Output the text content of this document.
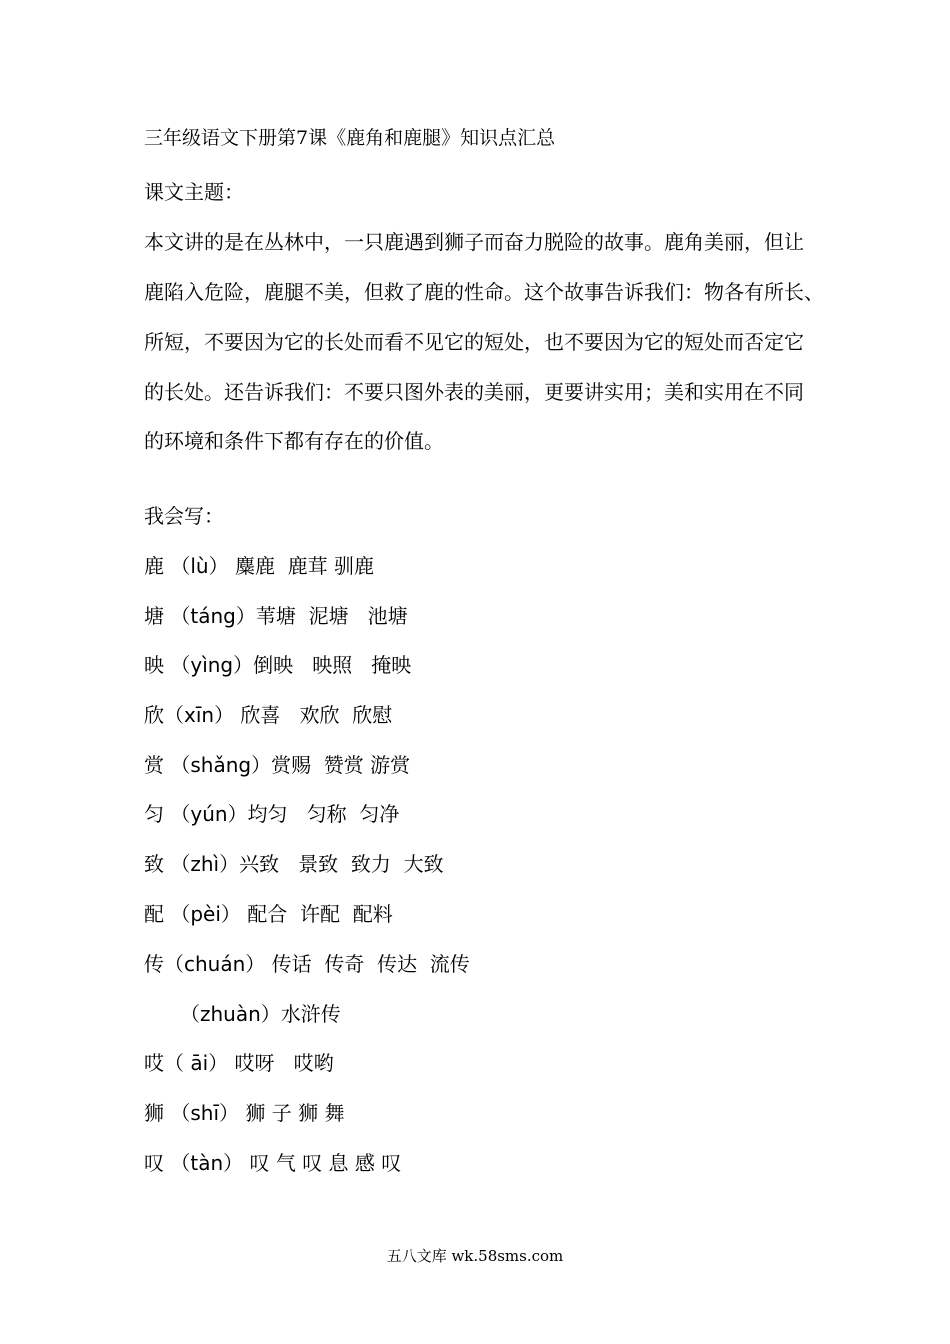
三年级语文下册第7课《鹿角和鹿腿》知识点汇总
课文主题：
本文讲的是在丛林中，一只鹿遇到狮子而奋力脱险的故事。鹿角美丽，但让
鹿陷入危险，鹿腿不美，但救了鹿的性命。这个故事告诉我们：物各有所长、
所短，不要因为它的长处而看不见它的短处，也不要因为它的短处而否定它
的长处。还告诉我们：不要只图外表的美丽，更要讲实用；美和实用在不同
的环境和条件下都有存在的价值。
我会写：
鹿 （lù） 麋鹿  鹿茸 驯鹿
塘 （táng）苇塘  泥塘   池塘
映 （yìng）倒映   映照   掩映
欣（xīn） 欣喜   欢欣  欣慰
赏 （shǎng）赏赐  赞赏 游赏
匀 （yún）均匀   匀称  匀净
致 （zhì）兴致   景致  致力  大致
配 （pèi） 配合  许配  配料
传（chuán） 传话  传奇  传达  流传
（zhuàn）水浒传
哎（ āi） 哎呀   哎哟
狮 （shī） 狮 子 狮 舞
叹 （tàn） 叹 气 叹 息 感 叹
五八文库 wk.58sms.com
